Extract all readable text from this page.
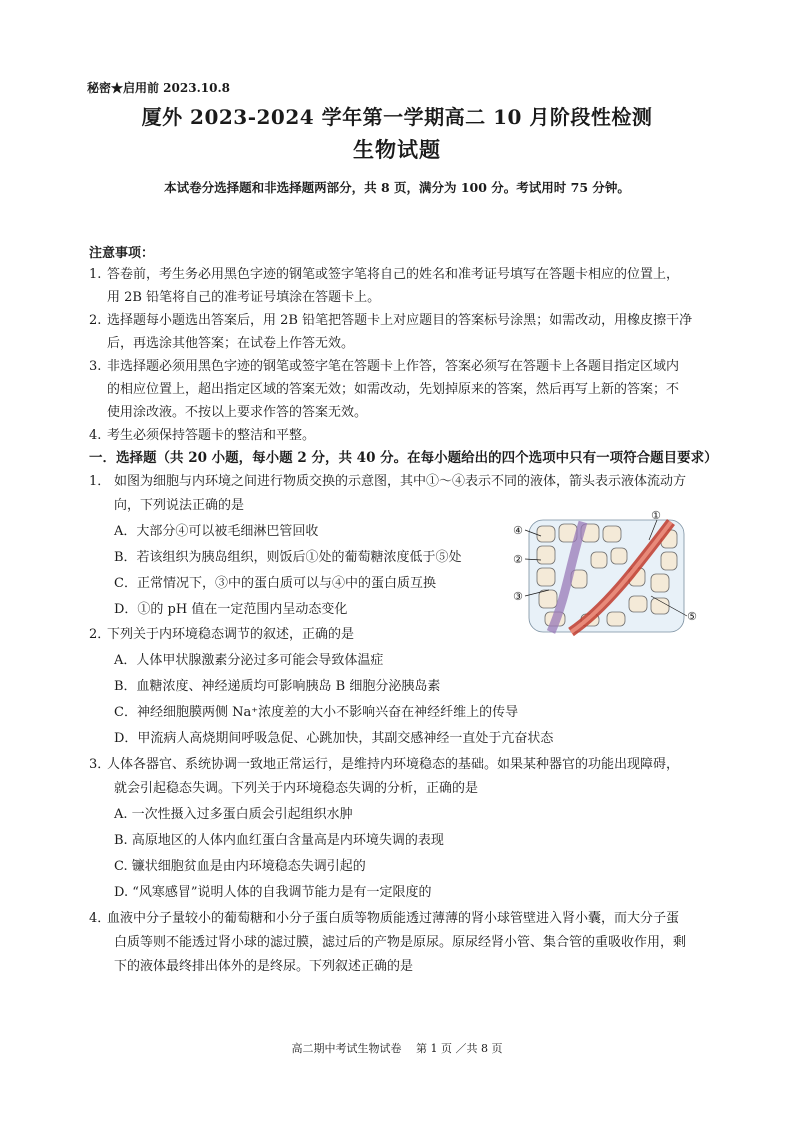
秘密★启用前 2023.10.8
厦外 2023-2024 学年第一学期高二 10 月阶段性检测
生物试题
本试卷分选择题和非选择题两部分，共 8 页，满分为 100 分。考试用时 75 分钟。
注意事项：
1. 答卷前，考生务必用黑色字迹的钢笔或签字笔将自己的姓名和准考证号填写在答题卡相应的位置上，
用 2B 铅笔将自己的准考证号填涂在答题卡上。
2. 选择题每小题选出答案后，用 2B 铅笔把答题卡上对应题目的答案标号涂黑；如需改动，用橡皮擦干净
后，再选涂其他答案；在试卷上作答无效。
3. 非选择题必须用黑色字迹的钢笔或签字笔在答题卡上作答，答案必须写在答题卡上各题目指定区域内
的相应位置上，超出指定区域的答案无效；如需改动，先划掉原来的答案，然后再写上新的答案；不
使用涂改液。不按以上要求作答的答案无效。
4. 考生必须保持答题卡的整洁和平整。
一．选择题（共 20 小题，每小题 2 分，共 40 分。在每小题给出的四个选项中只有一项符合题目要求）
1． 如图为细胞与内环境之间进行物质交换的示意图，其中①～④表示不同的液体，箭头表示液体流动方
向，下列说法正确的是
A．大部分④可以被毛细淋巴管回收
B．若该组织为胰岛组织，则饭后①处的葡萄糖浓度低于⑤处
C．正常情况下，③中的蛋白质可以与④中的蛋白质互换
D．①的 pH 值在一定范围内呈动态变化
①
②
③
④
⑤
2．
下列关于内环境稳态调节的叙述，正确的是
A．人体甲状腺激素分泌过多可能会导致体温症
B．血糖浓度、神经递质均可影响胰岛 B 细胞分泌胰岛素
C．神经细胞膜两侧 Na⁺浓度差的大小不影响兴奋在神经纤维上的传导
D．甲流病人高烧期间呼吸急促、心跳加快，其副交感神经一直处于亢奋状态
3．
人体各器官、系统协调一致地正常运行，是维持内环境稳态的基础。如果某种器官的功能出现障碍，
就会引起稳态失调。下列关于内环境稳态失调的分析，正确的是
A. 一次性摄入过多蛋白质会引起组织水肿
B. 高原地区的人体内血红蛋白含量高是内环境失调的表现
C. 镰状细胞贫血是由内环境稳态失调引起的
D. “风寒感冒”说明人体的自我调节能力是有一定限度的
4．
血液中分子量较小的葡萄糖和小分子蛋白质等物质能透过薄薄的肾小球管壁进入肾小囊，而大分子蛋
白质等则不能透过肾小球的滤过膜，滤过后的产物是原尿。原尿经肾小管、集合管的重吸收作用，剩
下的液体最终排出体外的是终尿。下列叙述正确的是
高二期中考试生物试卷　 第 1 页 ／共 8 页
